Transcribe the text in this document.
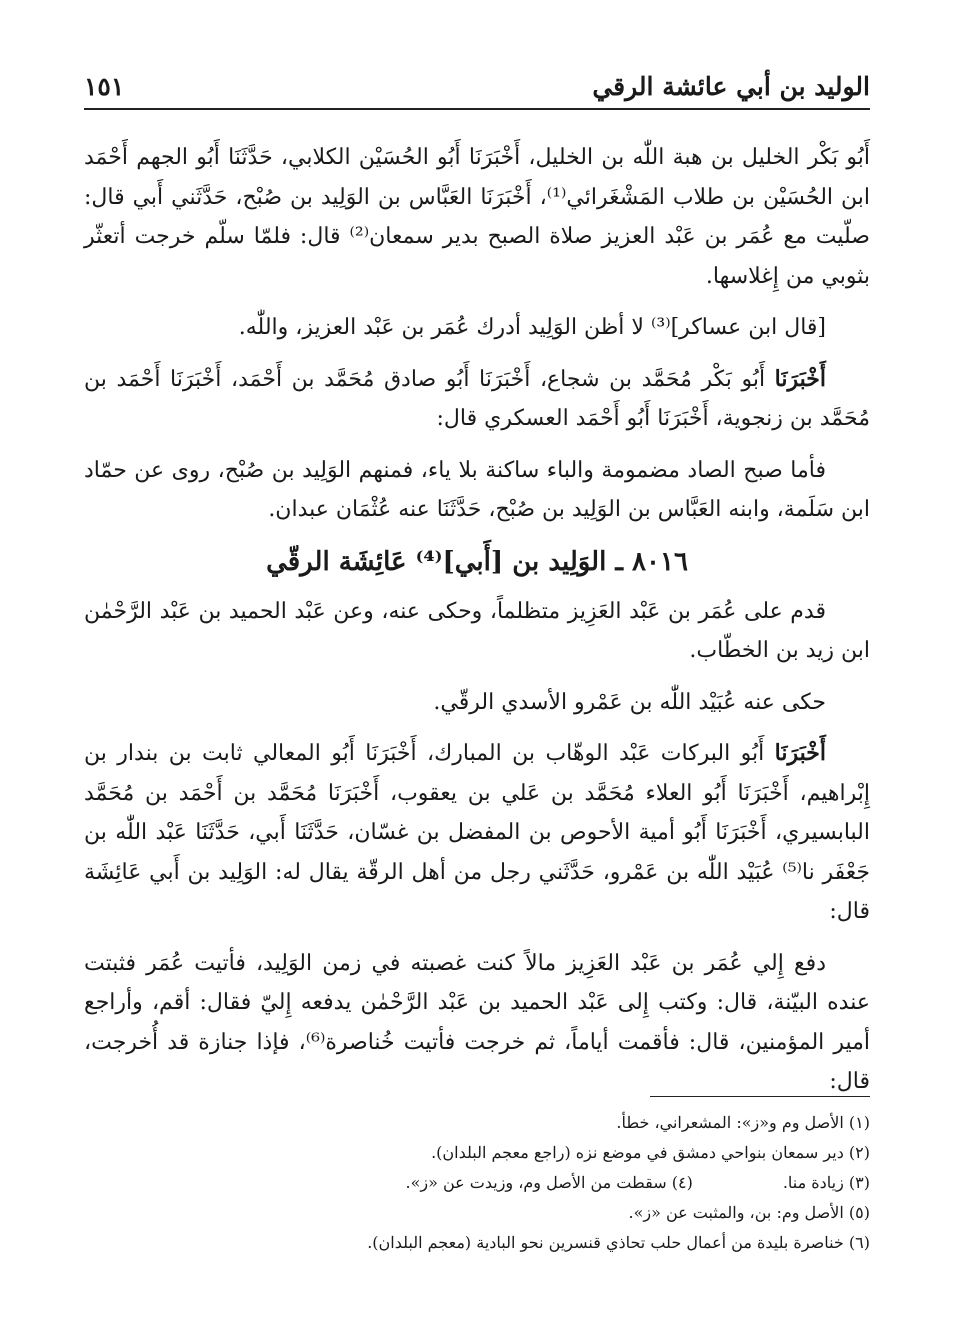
الوليد بن أبي عائشة الرقي
١٥١

أَبُو بَكْر الخليل بن هبة اللّٰه بن الخليل، أَخْبَرَنَا أَبُو الحُسَيْن الكلابي، حَدَّثَنَا أَبُو الجهم أَحْمَد ابن الحُسَيْن بن طلاب المَشْغَرائي⁽¹⁾، أَخْبَرَنَا العَبَّاس بن الوَلِيد بن صُبْح، حَدَّثَني أَبي قال: صلّيت مع عُمَر بن عَبْد العزيز صلاة الصبح بدير سمعان⁽²⁾ قال: فلمّا سلّم خرجت أتعثّر بثوبي من إِغلاسها.

[قال ابن عساكر]⁽³⁾ لا أظن الوَلِيد أدرك عُمَر بن عَبْد العزيز، واللّٰه.

أَخْبَرَنَا أَبُو بَكْر مُحَمَّد بن شجاع، أَخْبَرَنَا أَبُو صادق مُحَمَّد بن أَحْمَد، أَخْبَرَنَا أَحْمَد بن مُحَمَّد بن زنجوية، أَخْبَرَنَا أَبُو أَحْمَد العسكري قال:

فأما صبح الصاد مضمومة والباء ساكنة بلا ياء، فمنهم الوَلِيد بن صُبْح، روى عن حمّاد ابن سَلَمة، وابنه العَبَّاس بن الوَلِيد بن صُبْح، حَدَّثَنَا عنه عُثْمَان عبدان.

٨٠١٦ ـ الوَلِيد بن [أَبي]⁽⁴⁾ عَائِشَة الرقّي

قدم على عُمَر بن عَبْد العَزِيز متظلماً، وحكى عنه، وعن عَبْد الحميد بن عَبْد الرَّحْمٰن ابن زيد بن الخطّاب.

حكى عنه عُبَيْد اللّٰه بن عَمْرو الأسدي الرقّي.

أَخْبَرَنَا أَبُو البركات عَبْد الوهّاب بن المبارك، أَخْبَرَنَا أَبُو المعالي ثابت بن بندار بن إِبْراهيم، أَخْبَرَنَا أَبُو العلاء مُحَمَّد بن عَلي بن يعقوب، أَخْبَرَنَا مُحَمَّد بن أَحْمَد بن مُحَمَّد البابسيري، أَخْبَرَنَا أَبُو أمية الأحوص بن المفضل بن غسّان، حَدَّثَنَا أَبي، حَدَّثَنَا عَبْد اللّٰه بن جَعْفَر نا⁽⁵⁾ عُبَيْد اللّٰه بن عَمْرو، حَدَّثَني رجل من أهل الرقّة يقال له: الوَلِيد بن أَبي عَائِشَة قال:

دفع إِلي عُمَر بن عَبْد العَزِيز مالاً كنت غصبته في زمن الوَلِيد، فأتيت عُمَر فثبتت عنده البيّنة، قال: وكتب إِلى عَبْد الحميد بن عَبْد الرَّحْمٰن يدفعه إِليّ فقال: أقم، وأراجع أمير المؤمنين، قال: فأقمت أياماً، ثم خرجت فأتيت خُناصرة⁽⁶⁾، فإذا جنازة قد أُخرجت، قال:

(١) الأصل وم و«ز»: المشعراني، خطأ.
(٢) دير سمعان بنواحي دمشق في موضع نزه (راجع معجم البلدان).
(٣) زيادة منا.
(٤) سقطت من الأصل وم، وزيدت عن «ز».
(٥) الأصل وم: بن، والمثبت عن «ز».
(٦) خناصرة بليدة من أعمال حلب تحاذي قنسرين نحو البادية (معجم البلدان).
